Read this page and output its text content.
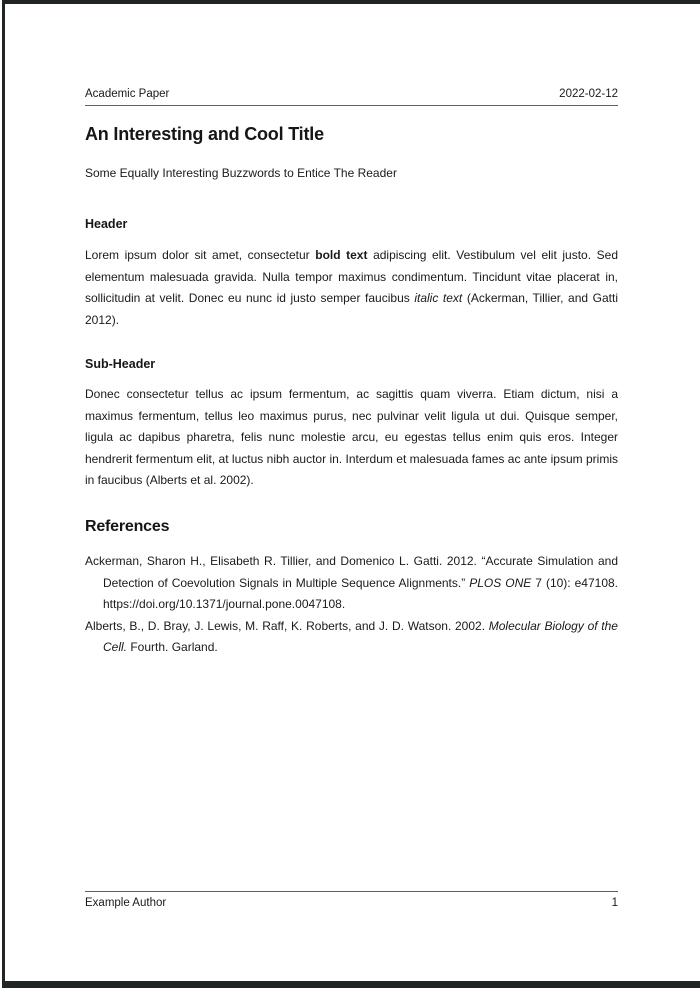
Academic Paper	2022-02-12
An Interesting and Cool Title
Some Equally Interesting Buzzwords to Entice The Reader
Header

Lorem ipsum dolor sit amet, consectetur bold text adipiscing elit. Vestibulum vel elit justo. Sed elementum malesuada gravida. Nulla tempor maximus condimentum. Tincidunt vitae placerat in, sollicitudin at velit. Donec eu nunc id justo semper faucibus italic text (Ackerman, Tillier, and Gatti 2012).

Sub-Header

Donec consectetur tellus ac ipsum fermentum, ac sagittis quam viverra. Etiam dictum, nisi a maximus fermentum, tellus leo maximus purus, nec pulvinar velit ligula ut dui. Quisque semper, ligula ac dapibus pharetra, felis nunc molestie arcu, eu egestas tellus enim quis eros. Integer hendrerit fermentum elit, at luctus nibh auctor in. Interdum et malesuada fames ac ante ipsum primis in faucibus (Alberts et al. 2002).

References
Ackerman, Sharon H., Elisabeth R. Tillier, and Domenico L. Gatti. 2012. “Accurate Simulation and Detection of Coevolution Signals in Multiple Sequence Alignments.” PLOS ONE 7 (10): e47108. https://doi.org/10.1371/journal.pone.0047108.
Alberts, B., D. Bray, J. Lewis, M. Raff, K. Roberts, and J. D. Watson. 2002. Molecular Biology of the Cell. Fourth. Garland.
Example Author	1
